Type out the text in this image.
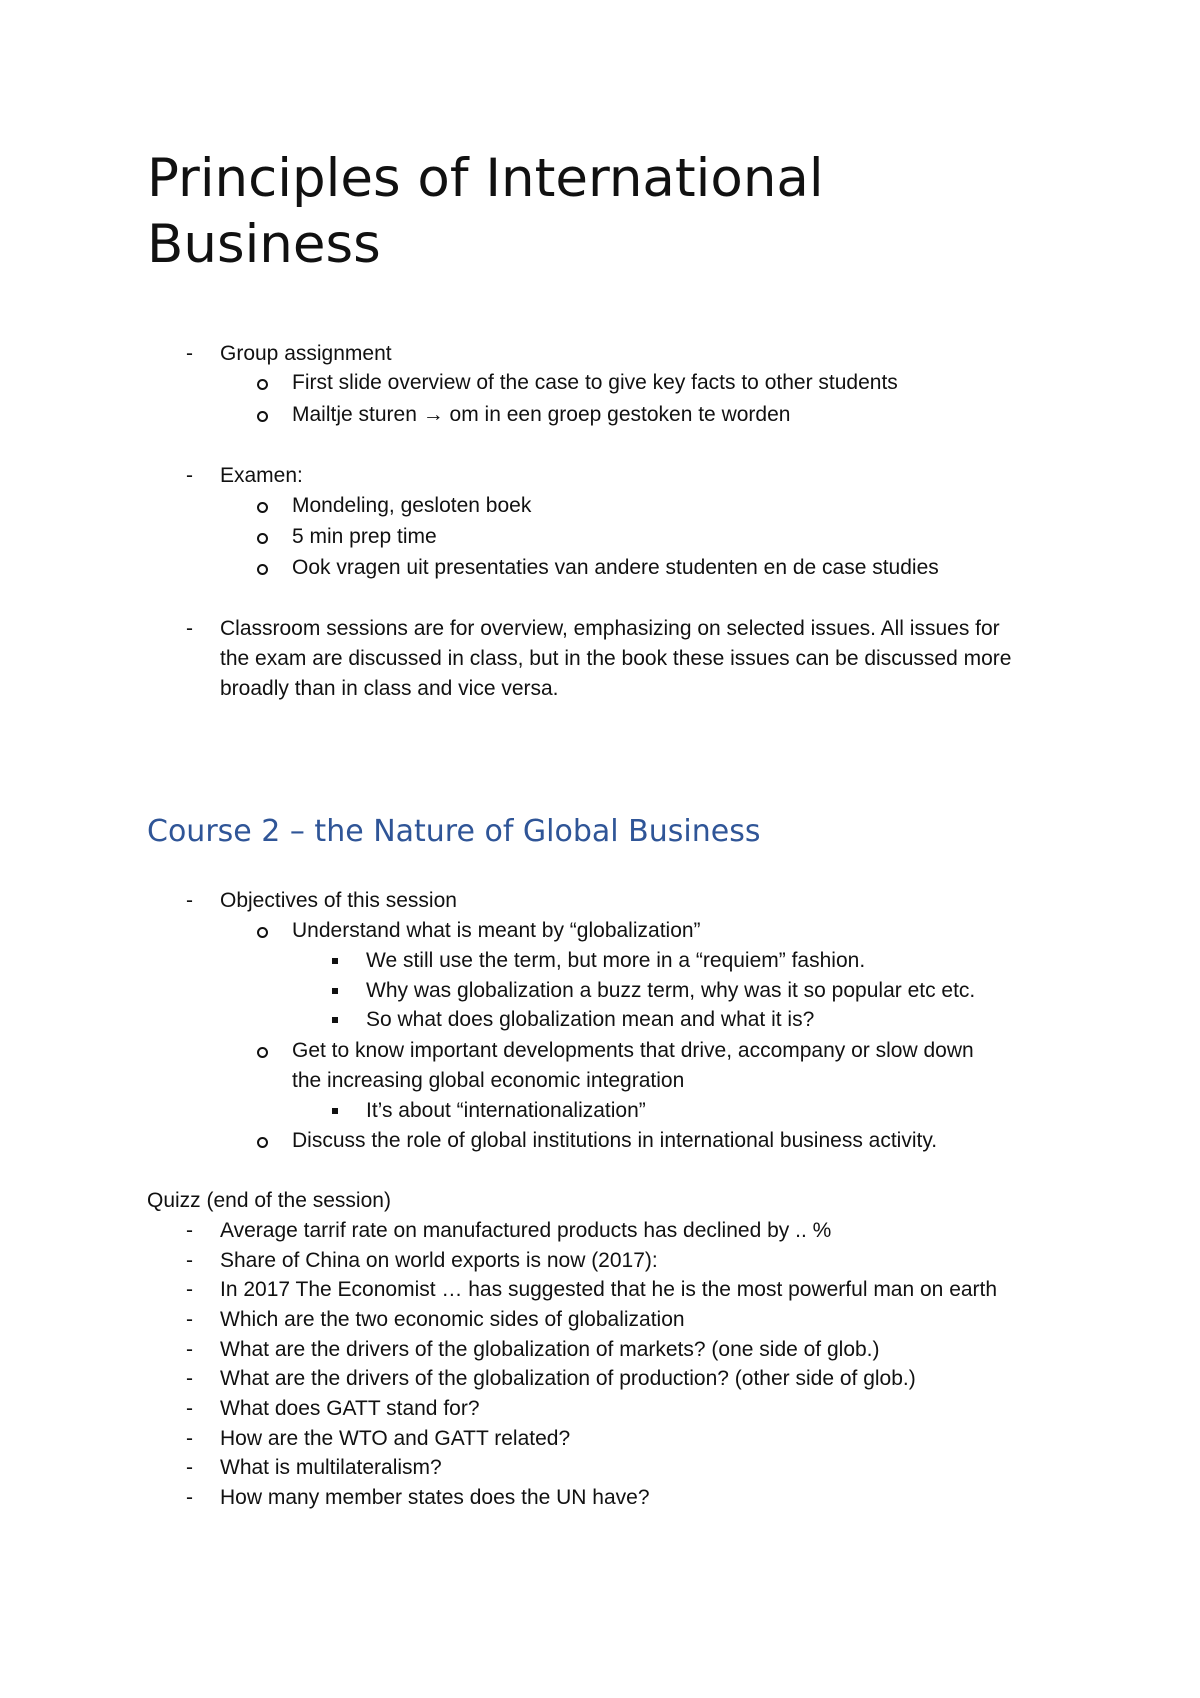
Principles of International
Business
-	Group assignment
First slide overview of the case to give key facts to other students
Mailtje sturen → om in een groep gestoken te worden
-	Examen:
Mondeling, gesloten boek
5 min prep time
Ook vragen uit presentaties van andere studenten en de case studies
-	Classroom sessions are for overview, emphasizing on selected issues. All issues for
the exam are discussed in class, but in the book these issues can be discussed more
broadly than in class and vice versa.
Course 2 – the Nature of Global Business
-	Objectives of this session
Understand what is meant by “globalization”
We still use the term, but more in a “requiem” fashion.
Why was globalization a buzz term, why was it so popular etc etc.
So what does globalization mean and what it is?
Get to know important developments that drive, accompany or slow down
the increasing global economic integration
It’s about “internationalization”
Discuss the role of global institutions in international business activity.
Quizz (end of the session)
-	Average tarrif rate on manufactured products has declined by .. %
-	Share of China on world exports is now (2017):
-	In 2017 The Economist … has suggested that he is the most powerful man on earth
-	Which are the two economic sides of globalization
-	What are the drivers of the globalization of markets? (one side of glob.)
-	What are the drivers of the globalization of production? (other side of glob.)
-	What does GATT stand for?
-	How are the WTO and GATT related?
-	What is multilateralism?
-	How many member states does the UN have?
